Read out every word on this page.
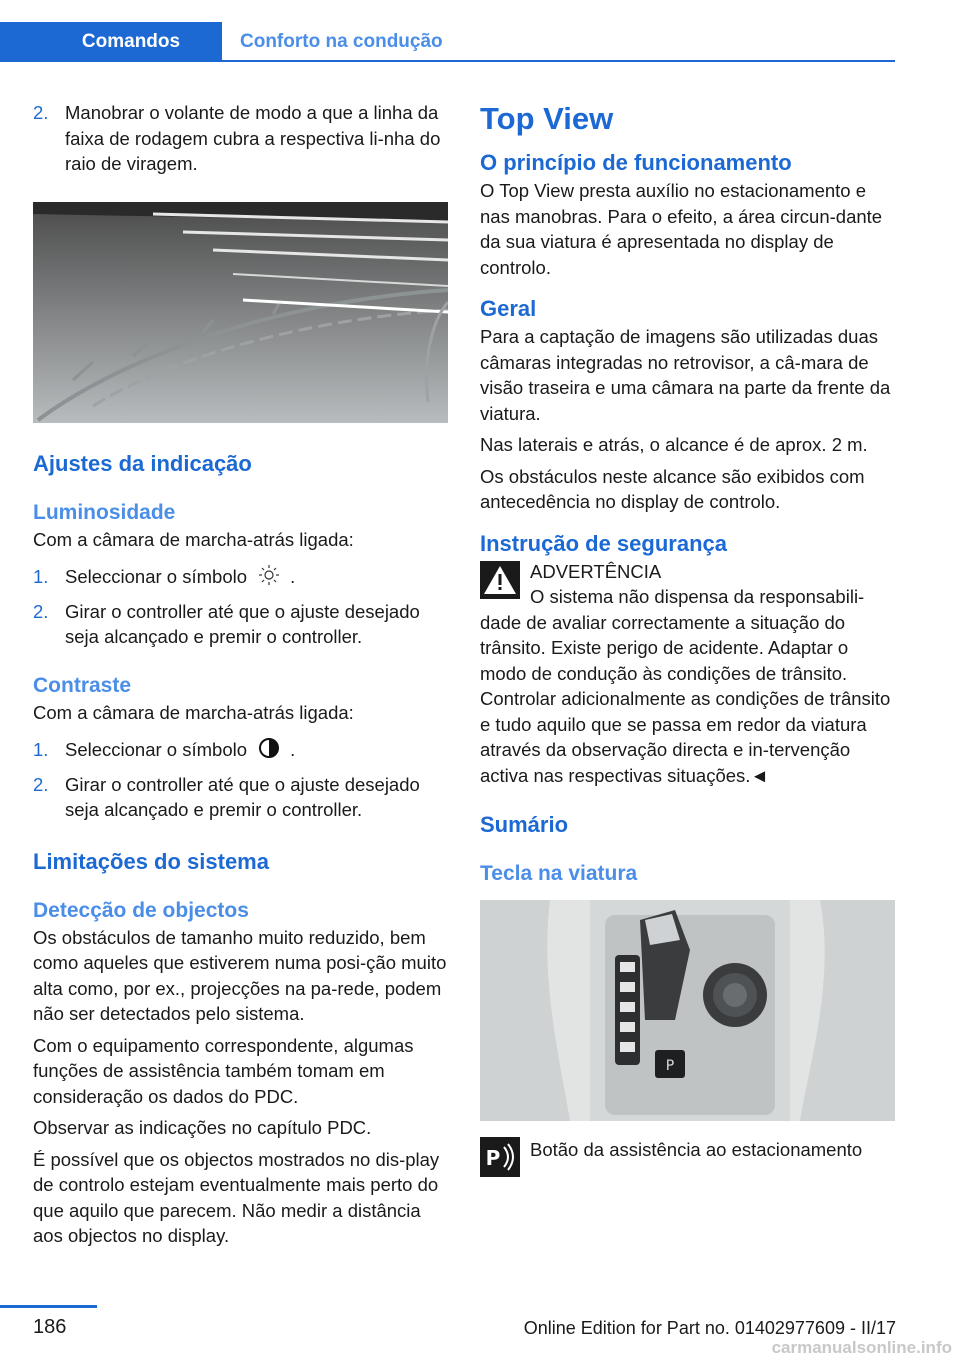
Comandos	Conforto na condução
2. Manobrar o volante de modo a que a linha da faixa de rodagem cubra a respectiva li-nha do raio de viragem.
Ajustes da indicação
Luminosidade
Com a câmara de marcha-atrás ligada:
1. Seleccionar o símbolo .
2. Girar o controller até que o ajuste desejado seja alcançado e premir o controller.
Contraste
Com a câmara de marcha-atrás ligada:
1. Seleccionar o símbolo .
2. Girar o controller até que o ajuste desejado seja alcançado e premir o controller.
Limitações do sistema
Detecção de objectos
Os obstáculos de tamanho muito reduzido, bem como aqueles que estiverem numa posi-ção muito alta como, por ex., projecções na pa-rede, podem não ser detectados pelo sistema.
Com o equipamento correspondente, algumas funções de assistência também tomam em consideração os dados do PDC.
Observar as indicações no capítulo PDC.
É possível que os objectos mostrados no dis-play de controlo estejam eventualmente mais perto do que aquilo que parecem. Não medir a distância aos objectos no display.
Top View
O princípio de funcionamento
O Top View presta auxílio no estacionamento e nas manobras. Para o efeito, a área circun-dante da sua viatura é apresentada no display de controlo.
Geral
Para a captação de imagens são utilizadas duas câmaras integradas no retrovisor, a câ-mara de visão traseira e uma câmara na parte da frente da viatura.
Nas laterais e atrás, o alcance é de aprox. 2 m.
Os obstáculos neste alcance são exibidos com antecedência no display de controlo.
Instrução de segurança
ADVERTÊNCIA
O sistema não dispensa da responsabili-dade de avaliar correctamente a situação do trânsito. Existe perigo de acidente. Adaptar o modo de condução às condições de trânsito. Controlar adicionalmente as condições de trânsito e tudo aquilo que se passa em redor da viatura através da observação directa e in-tervenção activa nas respectivas situações.◄
Sumário
Tecla na viatura
P
P Botão da assistência ao estacionamento
186	Online Edition for Part no. 01402977609 - II/17
carmanualsonline.info
